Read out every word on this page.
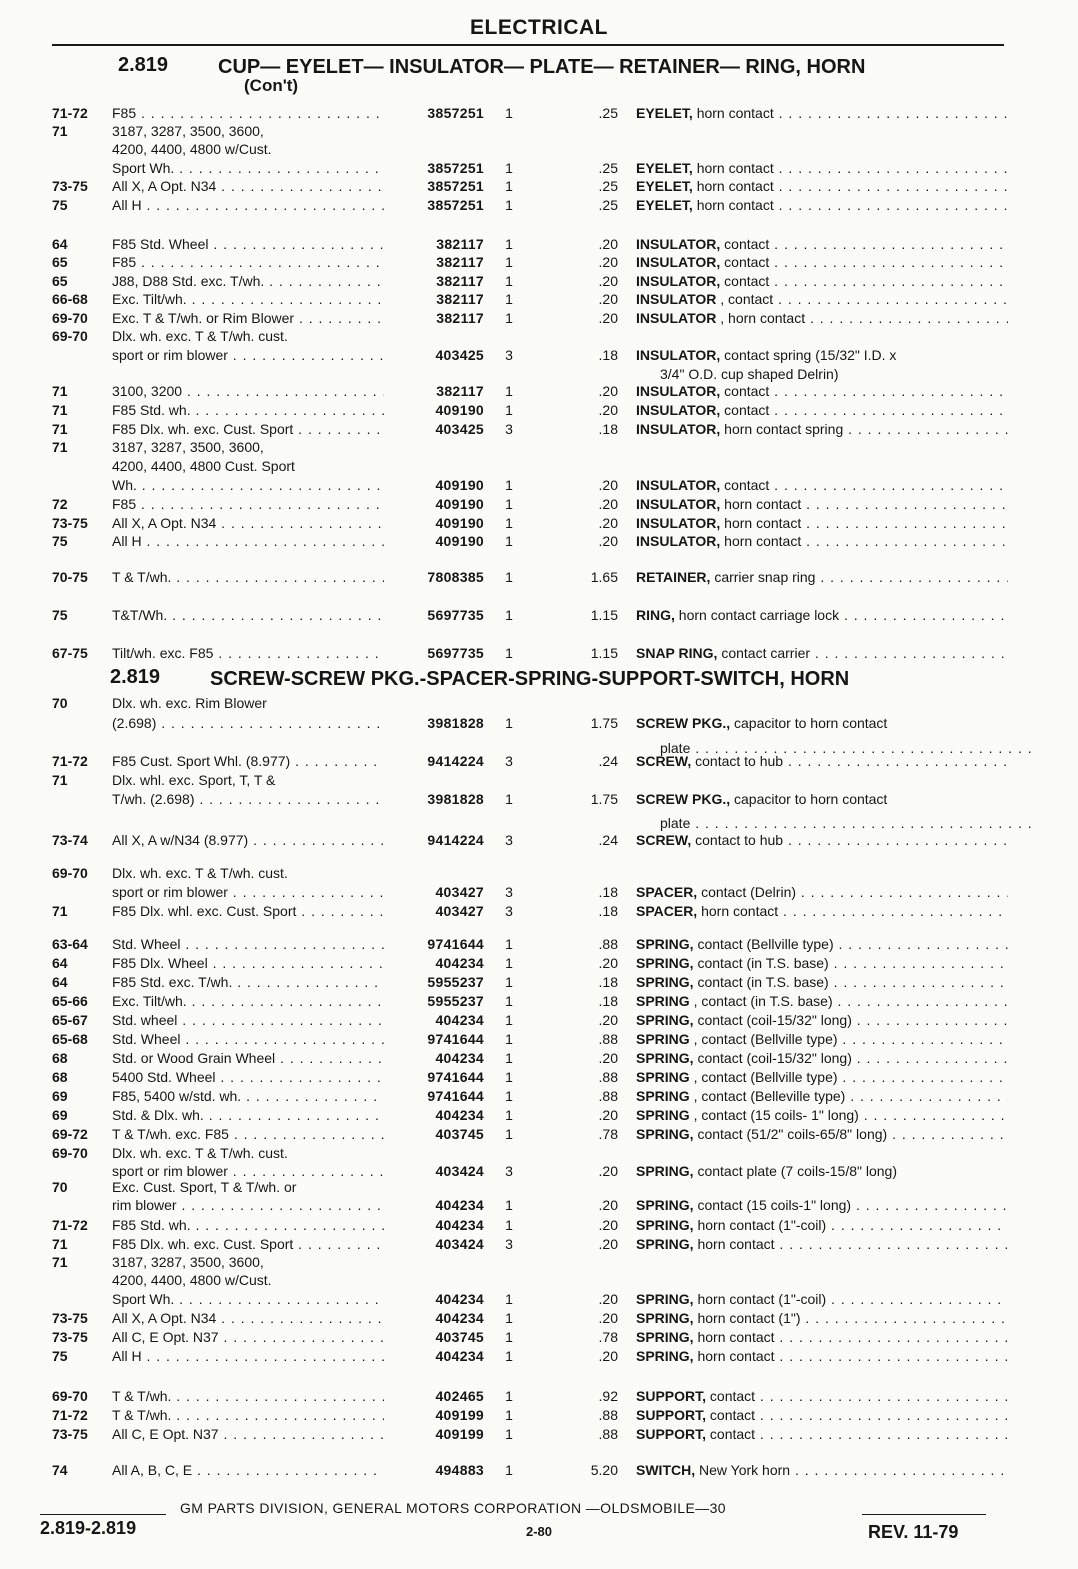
ELECTRICAL
2.819 CUP— EYELET— INSULATOR— PLATE— RETAINER— RING, HORN
(Con't)
2.819 SCREW-SCREW PKG.-SPACER-SPRING-SUPPORT-SWITCH, HORN
71-72 F85 . . .	3857251 1	.25 EYELET, horn contact . . .
71	3187, 3287, 3500, 3600,
4200, 4400, 4800 w/Cust.
Sport Wh. . . .	3857251 1	.25 EYELET, horn contact . . .
73-75 All X, A Opt. N34 . . .	3857251 1	.25 EYELET, horn contact . . .
75	All H . . .	3857251 1	.25 EYELET, horn contact . . .
64	F85 Std. Wheel . . .	382117 1	.20 INSULATOR, contact . . .
65	F85 . . .	382117 1	.20 INSULATOR, contact . . .
65	J88, D88 Std. exc. T/wh. . . .	382117 1	.20 INSULATOR, contact . . .
66-68 Exc. Tilt/wh. . . .	382117 1	.20 INSULATOR , contact . . .
69-70 Exc. T & T/wh. or Rim Blower . . .	382117 1	.20 INSULATOR , horn contact . . .
69-70 Dlx. wh. exc. T & T/wh. cust.
sport or rim blower . . .	403425 3	.18 INSULATOR, contact spring (15/32" I.D. x
3/4" O.D. cup shaped Delrin)
71	3100, 3200 . . .	382117 1	.20 INSULATOR, contact . . .
71	F85 Std. wh. . . .	409190 1	.20 INSULATOR, contact . . .
71	F85 Dlx. wh. exc. Cust. Sport . . .	403425 3	.18 INSULATOR, horn contact spring . . .
71	3187, 3287, 3500, 3600,
4200, 4400, 4800 Cust. Sport
Wh. . . .	409190 1	.20 INSULATOR, contact . . .
72	F85 . . .	409190 1	.20 INSULATOR, horn contact . . .
73-75 All X, A Opt. N34 . . .	409190 1	.20 INSULATOR, horn contact . . .
75	All H . . .	409190 1	.20 INSULATOR, horn contact . . .
70-75 T & T/wh. . . .	7808385 1	1.65 RETAINER, carrier snap ring . . .
75	T&T/Wh. . . .	5697735 1	1.15 RING, horn contact carriage lock . . .
67-75 Tilt/wh. exc. F85 . . .	5697735 1	1.15 SNAP RING, contact carrier . . .
70	Dlx. wh. exc. Rim Blower
(2.698) . . .	3981828 1	1.75 SCREW PKG., capacitor to horn contact
plate . . .
71-72 F85 Cust. Sport Whl. (8.977) . . .	9414224 3	.24 SCREW, contact to hub . . .
71	Dlx. whl. exc. Sport, T, T &
T/wh. (2.698) . . .	3981828 1	1.75 SCREW PKG., capacitor to horn contact
plate . . .
73-74 All X, A w/N34 (8.977) . . .	9414224 3	.24 SCREW, contact to hub . . .
69-70 Dlx. wh. exc. T & T/wh. cust.
sport or rim blower . . .	403427 3	.18 SPACER, contact (Delrin) . . .
71	F85 Dlx. whl. exc. Cust. Sport . . .	403427 3	.18 SPACER, horn contact . . .
63-64 Std. Wheel . . .	9741644 1	.88 SPRING, contact (Bellville type) . . .
64	F85 Dlx. Wheel . . .	404234 1	.20 SPRING, contact (in T.S. base) . . .
64	F85 Std. exc. T/wh. . . .	5955237 1	.18 SPRING, contact (in T.S. base) . . .
65-66 Exc. Tilt/wh. . . .	5955237 1	.18 SPRING , contact (in T.S. base) . . .
65-67 Std. wheel . . .	404234 1	.20 SPRING, contact (coil-15/32" long) . . .
65-68 Std. Wheel . . .	9741644 1	.88 SPRING , contact (Bellville type) . . .
68	Std. or Wood Grain Wheel . . .	404234 1	.20 SPRING, contact (coil-15/32" long) . . .
68	5400 Std. Wheel . . .	9741644 1	.88 SPRING , contact (Bellville type) . . .
69	F85, 5400 w/std. wh. . . .	9741644 1	.88 SPRING , contact (Belleville type) . . .
69	Std. & Dlx. wh. . . .	404234 1	.20 SPRING , contact (15 coils- 1" long) . . .
69-72 T & T/wh. exc. F85 . . .	403745 1	.78 SPRING, contact (51/2" coils-65/8" long) . . .
69-70 Dlx. wh. exc. T & T/wh. cust.
sport or rim blower . . .	403424 3	.20 SPRING, contact plate (7 coils-15/8" long)
70	Exc. Cust. Sport, T & T/wh. or
rim blower . . .	404234 1	.20 SPRING, contact (15 coils-1" long) . . .
71-72 F85 Std. wh. . . .	404234 1	.20 SPRING, horn contact (1"-coil) . . .
71	F85 Dlx. wh. exc. Cust. Sport . . .	403424 3	.20 SPRING, horn contact . . .
71	3187, 3287, 3500, 3600,
4200, 4400, 4800 w/Cust.
Sport Wh. . . .	404234 1	.20 SPRING, horn contact (1"-coil) . . .
73-75 All X, A Opt. N34 . . .	404234 1	.20 SPRING, horn contact (1") . . .
73-75 All C, E Opt. N37 . . .	403745 1	.78 SPRING, horn contact . . .
75	All H . . .	404234 1	.20 SPRING, horn contact . . .
69-70 T & T/wh. . . .	402465 1	.92 SUPPORT, contact . . .
71-72 T & T/wh. . . .	409199 1	.88 SUPPORT, contact . . .
73-75 All C, E Opt. N37 . . .	409199 1	.88 SUPPORT, contact . . .
74	All A, B, C, E . . .	494883 1	5.20 SWITCH, New York horn . . .
2.819-2.819
GM PARTS DIVISION, GENERAL MOTORS CORPORATION —OLDSMOBILE—30
2-80	REV. 11-79
